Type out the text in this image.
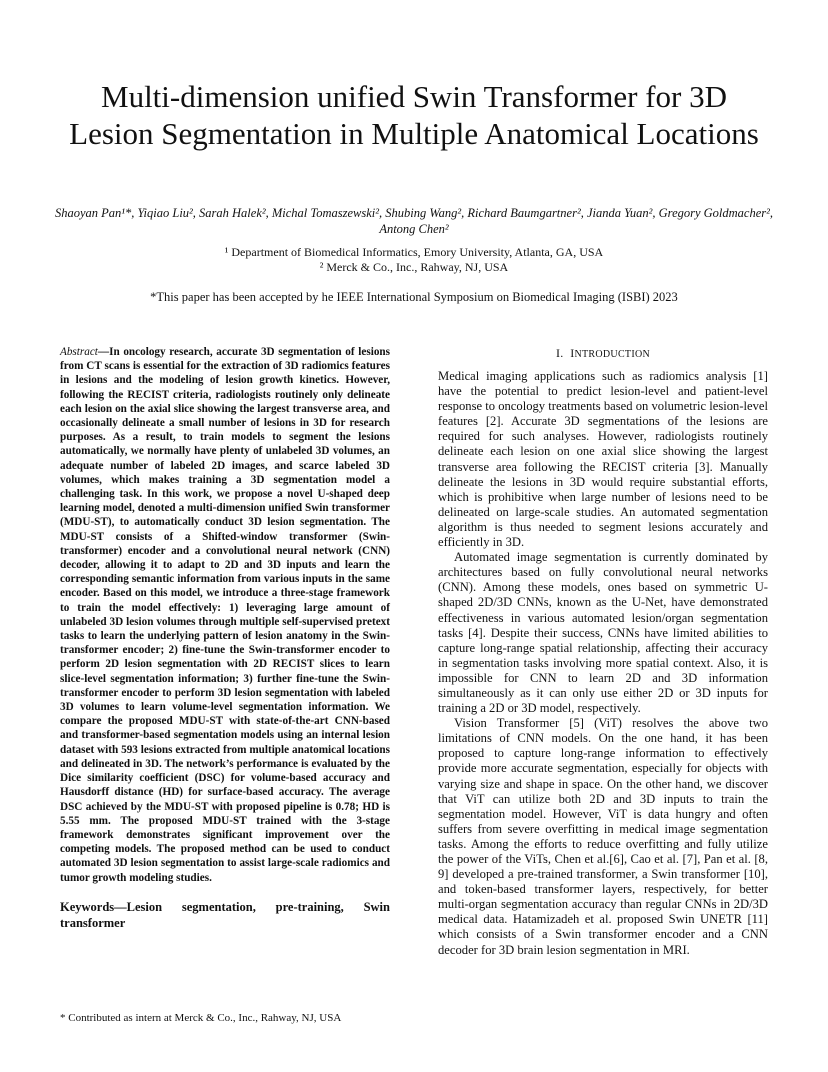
Multi-dimension unified Swin Transformer for 3D Lesion Segmentation in Multiple Anatomical Locations

Shaoyan Pan¹*, Yiqiao Liu², Sarah Halek², Michal Tomaszewski², Shubing Wang², Richard Baumgartner², Jianda Yuan², Gregory Goldmacher², Antong Chen²

¹ Department of Biomedical Informatics, Emory University, Atlanta, GA, USA

² Merck & Co., Inc., Rahway, NJ, USA

*This paper has been accepted by he IEEE International Symposium on Biomedical Imaging (ISBI) 2023

Abstract—In oncology research, accurate 3D segmentation of lesions from CT scans is essential for the extraction of 3D radiomics features in lesions and the modeling of lesion growth kinetics. However, following the RECIST criteria, radiologists routinely only delineate each lesion on the axial slice showing the largest transverse area, and occasionally delineate a small number of lesions in 3D for research purposes. As a result, to train models to segment the lesions automatically, we normally have plenty of unlabeled 3D volumes, an adequate number of labeled 2D images, and scarce labeled 3D volumes, which makes training a 3D segmentation model a challenging task. In this work, we propose a novel U-shaped deep learning model, denoted a multi-dimension unified Swin transformer (MDU-ST), to automatically conduct 3D lesion segmentation. The MDU-ST consists of a Shifted-window transformer (Swin-transformer) encoder and a convolutional neural network (CNN) decoder, allowing it to adapt to 2D and 3D inputs and learn the corresponding semantic information from various inputs in the same encoder. Based on this model, we introduce a three-stage framework to train the model effectively: 1) leveraging large amount of unlabeled 3D lesion volumes through multiple self-supervised pretext tasks to learn the underlying pattern of lesion anatomy in the Swin-transformer encoder; 2) fine-tune the Swin-transformer encoder to perform 2D lesion segmentation with 2D RECIST slices to learn slice-level segmentation information; 3) further fine-tune the Swin-transformer encoder to perform 3D lesion segmentation with labeled 3D volumes to learn volume-level segmentation information. We compare the proposed MDU-ST with state-of-the-art CNN-based and transformer-based segmentation models using an internal lesion dataset with 593 lesions extracted from multiple anatomical locations and delineated in 3D. The network’s performance is evaluated by the Dice similarity coefficient (DSC) for volume-based accuracy and Hausdorff distance (HD) for surface-based accuracy. The average DSC achieved by the MDU-ST with proposed pipeline is 0.78; HD is 5.55 mm. The proposed MDU-ST trained with the 3-stage framework demonstrates significant improvement over the competing models. The proposed method can be used to conduct automated 3D lesion segmentation to assist large-scale radiomics and tumor growth modeling studies.

Keywords—Lesion segmentation, pre-training, Swin transformer

I. INTRODUCTION

Medical imaging applications such as radiomics analysis [1] have the potential to predict lesion-level and patient-level response to oncology treatments based on volumetric lesion-level features [2]. Accurate 3D segmentations of the lesions are required for such analyses. However, radiologists routinely delineate each lesion on one axial slice showing the largest transverse area following the RECIST criteria [3]. Manually delineate the lesions in 3D would require substantial efforts, which is prohibitive when large number of lesions need to be delineated on large-scale studies. An automated segmentation algorithm is thus needed to segment lesions accurately and efficiently in 3D.

Automated image segmentation is currently dominated by architectures based on fully convolutional neural networks (CNN). Among these models, ones based on symmetric U-shaped 2D/3D CNNs, known as the U-Net, have demonstrated effectiveness in various automated lesion/organ segmentation tasks [4]. Despite their success, CNNs have limited abilities to capture long-range spatial relationship, affecting their accuracy in segmentation tasks involving more spatial context. Also, it is impossible for CNN to learn 2D and 3D information simultaneously as it can only use either 2D or 3D inputs for training a 2D or 3D model, respectively.

Vision Transformer [5] (ViT) resolves the above two limitations of CNN models. On the one hand, it has been proposed to capture long-range information to effectively provide more accurate segmentation, especially for objects with varying size and shape in space. On the other hand, we discover that ViT can utilize both 2D and 3D inputs to train the segmentation model. However, ViT is data hungry and often suffers from severe overfitting in medical image segmentation tasks. Among the efforts to reduce overfitting and fully utilize the power of the ViTs, Chen et al.[6], Cao et al. [7], Pan et al. [8, 9] developed a pre-trained transformer, a Swin transformer [10], and token-based transformer layers, respectively, for better multi-organ segmentation accuracy than regular CNNs in 2D/3D medical data. Hatamizadeh et al. proposed Swin UNETR [11] which consists of a Swin transformer encoder and a CNN decoder for 3D brain lesion segmentation in MRI.

* Contributed as intern at Merck & Co., Inc., Rahway, NJ, USA
